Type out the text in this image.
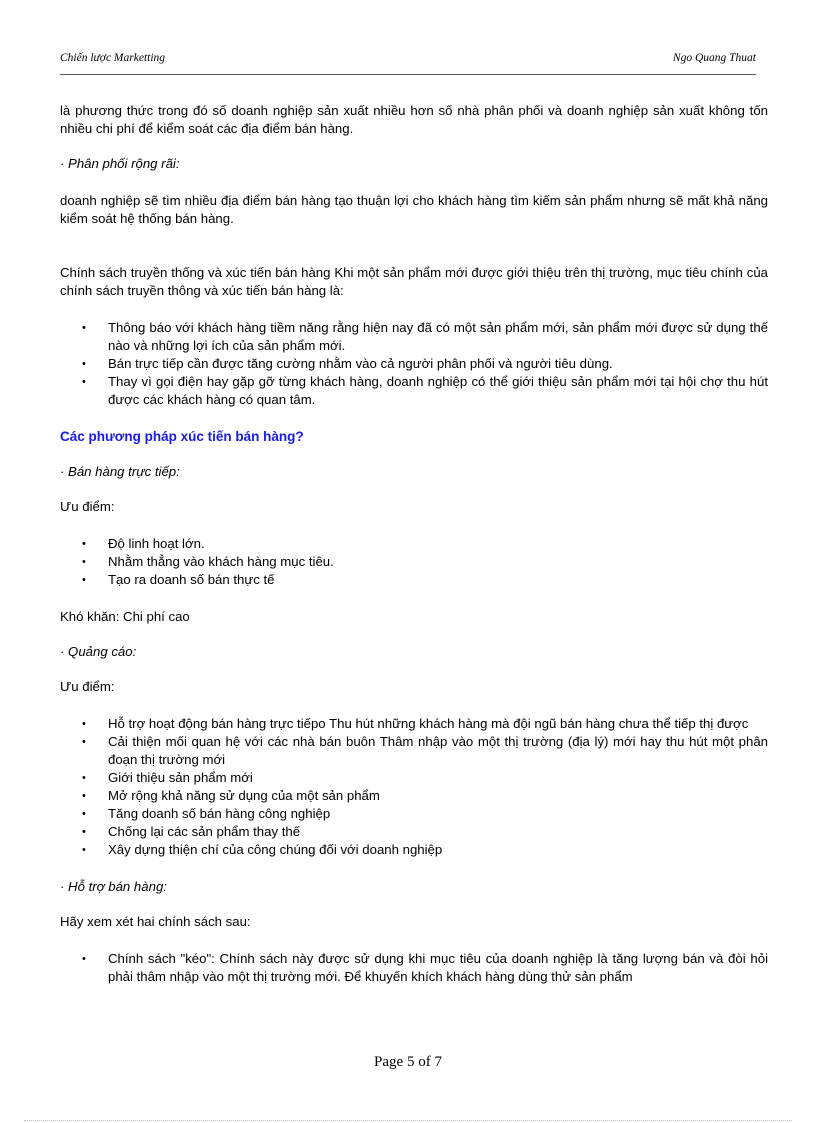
Chiến lược Marketting	Ngo Quang Thuat

là phương thức trong đó số doanh nghiệp sản xuất nhiều hơn số nhà phân phối và doanh nghiệp sản xuất không tốn nhiều chi phí để kiểm soát các địa điểm bán hàng.

· Phân phối rộng rãi:

doanh nghiệp sẽ tìm nhiều địa điểm bán hàng tạo thuận lợi cho khách hàng tìm kiếm sản phẩm nhưng sẽ mất khả năng kiểm soát hệ thống bán hàng.

Chính sách truyền thống và xúc tiến bán hàng Khi một sản phẩm mới được giới thiệu trên thị trường, mục tiêu chính của chính sách truyền thông và xúc tiến bán hàng là:

• Thông báo với khách hàng tiềm năng rằng hiện nay đã có một sản phẩm mới, sản phẩm mới được sử dụng thế nào và những lợi ích của sản phẩm mới.
• Bán trực tiếp cần được tăng cường nhằm vào cả người phân phối và người tiêu dùng.
• Thay vì gọi điện hay gặp gỡ từng khách hàng, doanh nghiệp có thể giới thiệu sản phẩm mới tại hội chợ thu hút được các khách hàng có quan tâm.

Các phương pháp xúc tiến bán hàng?

· Bán hàng trực tiếp:

Ưu điểm:

• Độ linh hoạt lớn.
• Nhằm thẳng vào khách hàng mục tiêu.
• Tạo ra doanh số bán thực tế

Khó khăn: Chi phí cao

· Quảng cáo:

Ưu điểm:

• Hỗ trợ hoạt động bán hàng trực tiếpo Thu hút những khách hàng mà đội ngũ bán hàng chưa thể tiếp thị được
• Cải thiện mối quan hệ với các nhà bán buôn Thâm nhập vào một thị trường (địa lý) mới hay thu hút một phân đoạn thị trường mới
• Giới thiệu sản phẩm mới
• Mở rộng khả năng sử dụng của một sản phẩm
• Tăng doanh số bán hàng công nghiệp
• Chống lại các sản phẩm thay thế
• Xây dựng thiện chí của công chúng đối với doanh nghiệp

· Hỗ trợ bán hàng:

Hãy xem xét hai chính sách sau:

• Chính sách "kéo": Chính sách này được sử dụng khi mục tiêu của doanh nghiệp là tăng lượng bán và đòi hỏi phải thâm nhập vào một thị trường mới. Để khuyến khích khách hàng dùng thử sản phẩm
Page 5 of 7
